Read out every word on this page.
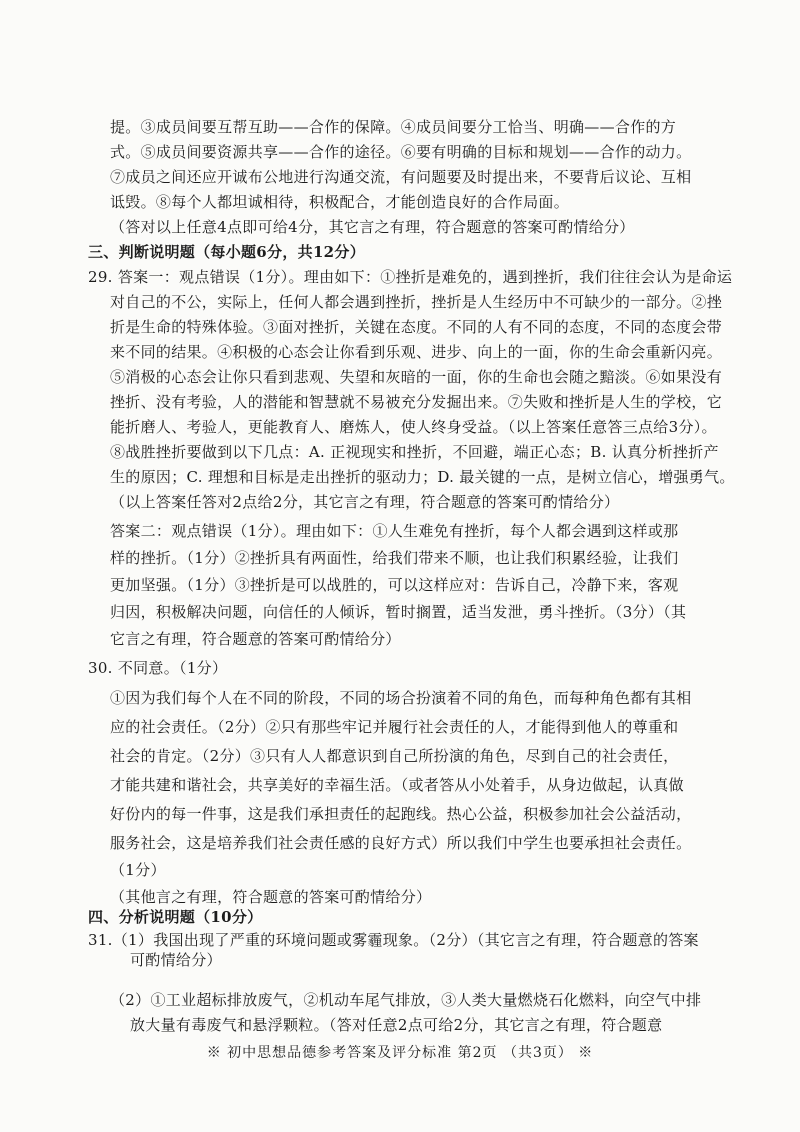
提。③成员间要互帮互助——合作的保障。④成员间要分工恰当、明确——合作的方
式。⑤成员间要资源共享——合作的途径。⑥要有明确的目标和规划——合作的动力。
⑦成员之间还应开诚布公地进行沟通交流，有问题要及时提出来，不要背后议论、互相
诋毁。⑧每个人都坦诚相待，积极配合，才能创造良好的合作局面。
（答对以上任意4点即可给4分，其它言之有理，符合题意的答案可酌情给分）
三、判断说明题（每小题6分，共12分）
29. 答案一：观点错误（1分）。理由如下：①挫折是难免的，遇到挫折，我们往往会认为是命运
对自己的不公，实际上，任何人都会遇到挫折，挫折是人生经历中不可缺少的一部分。②挫
折是生命的特殊体验。③面对挫折，关键在态度。不同的人有不同的态度，不同的态度会带
来不同的结果。④积极的心态会让你看到乐观、进步、向上的一面，你的生命会重新闪亮。
⑤消极的心态会让你只看到悲观、失望和灰暗的一面，你的生命也会随之黯淡。⑥如果没有
挫折、没有考验，人的潜能和智慧就不易被充分发掘出来。⑦失败和挫折是人生的学校，它
能折磨人、考验人，更能教育人、磨炼人，使人终身受益。（以上答案任意答三点给3分）。
⑧战胜挫折要做到以下几点：A. 正视现实和挫折，不回避，端正心态；B. 认真分析挫折产
生的原因；C. 理想和目标是走出挫折的驱动力；D. 最关键的一点，是树立信心，增强勇气。
（以上答案任答对2点给2分，其它言之有理，符合题意的答案可酌情给分）
答案二：观点错误（1分）。理由如下：①人生难免有挫折，每个人都会遇到这样或那
样的挫折。（1分）②挫折具有两面性，给我们带来不顺，也让我们积累经验，让我们
更加坚强。（1分）③挫折是可以战胜的，可以这样应对：告诉自己，冷静下来，客观
归因，积极解决问题，向信任的人倾诉，暂时搁置，适当发泄，勇斗挫折。（3分）（其
它言之有理，符合题意的答案可酌情给分）
30. 不同意。（1分）
①因为我们每个人在不同的阶段，不同的场合扮演着不同的角色，而每种角色都有其相
应的社会责任。（2分）②只有那些牢记并履行社会责任的人，才能得到他人的尊重和
社会的肯定。（2分）③只有人人都意识到自己所扮演的角色，尽到自己的社会责任，
才能共建和谐社会，共享美好的幸福生活。（或者答从小处着手，从身边做起，认真做
好份内的每一件事，这是我们承担责任的起跑线。热心公益，积极参加社会公益活动，
服务社会，这是培养我们社会责任感的良好方式）所以我们中学生也要承担社会责任。
（1分）
（其他言之有理，符合题意的答案可酌情给分）
四、分析说明题（10分）
31.（1）我国出现了严重的环境问题或雾霾现象。（2分）（其它言之有理，符合题意的答案
可酌情给分）
（2）①工业超标排放废气，②机动车尾气排放，③人类大量燃烧石化燃料，向空气中排
放大量有毒废气和悬浮颗粒。（答对任意2点可给2分，其它言之有理，符合题意
※ 初中思想品德参考答案及评分标准 第2页 （共3页） ※
